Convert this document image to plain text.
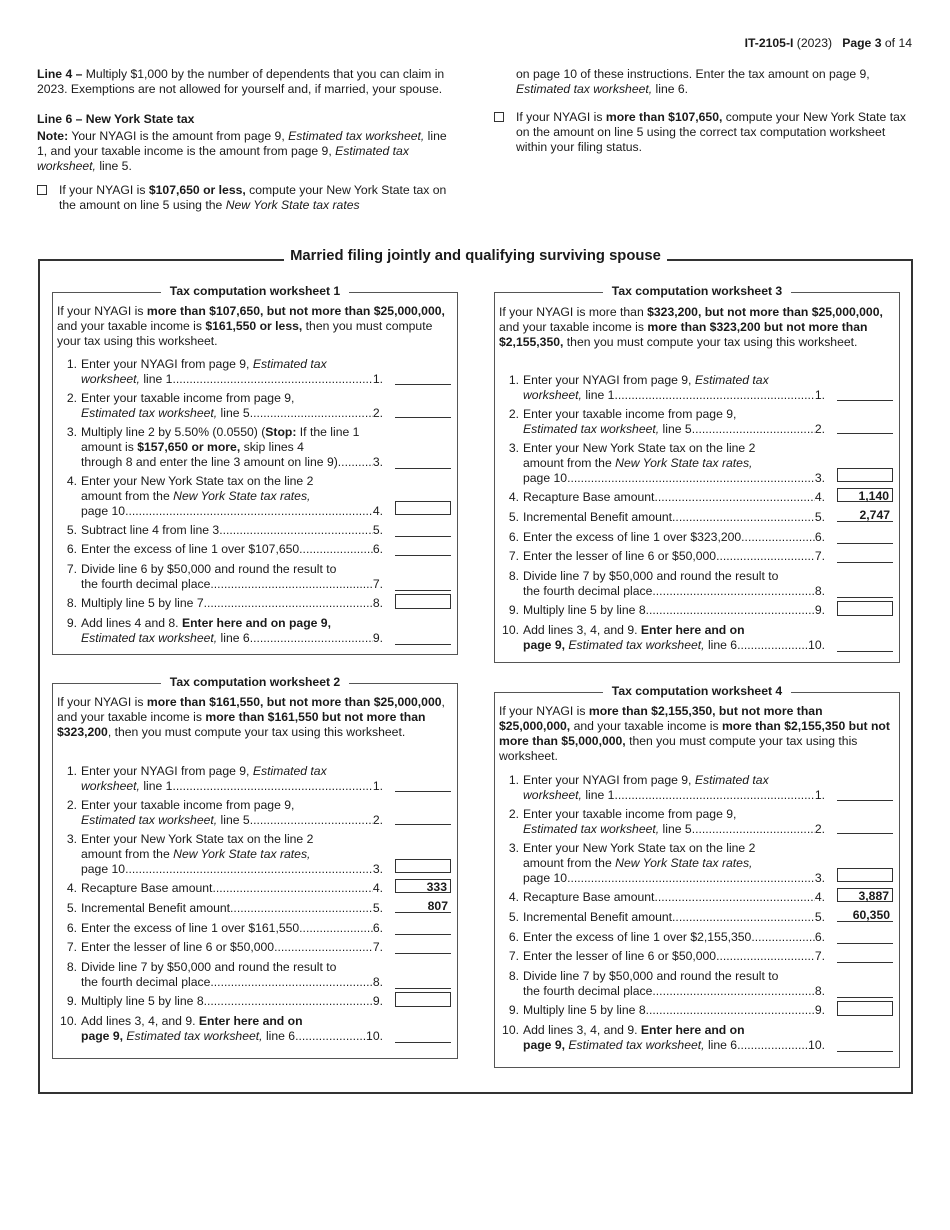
IT-2105-I (2023) Page 3 of 14

Line 4 – Multiply $1,000 by the number of dependents that you can claim in 2023. Exemptions are not allowed for yourself and, if married, your spouse.

Line 6 – New York State tax

Note: Your NYAGI is the amount from page 9, Estimated tax worksheet, line 1, and your taxable income is the amount from page 9, Estimated tax worksheet, line 5.

If your NYAGI is $107,650 or less, compute your New York State tax on the amount on line 5 using the New York State tax rates

on page 10 of these instructions. Enter the tax amount on page 9, Estimated tax worksheet, line 6.

If your NYAGI is more than $107,650, compute your New York State tax on the amount on line 5 using the correct tax computation worksheet within your filing status.
Married filing jointly and qualifying surviving spouse
Tax computation worksheet 1
If your NYAGI is more than $107,650, but not more than $25,000,000, and your taxable income is $161,550 or less, then you must compute your tax using this worksheet.
1. Enter your NYAGI from page 9, Estimated tax
worksheet, line 1 .....	1.
2. Enter your taxable income from page 9,
Estimated tax worksheet, line 5 .....	2.
3. Multiply line 2 by 5.50% (0.0550) (Stop: If the line 1 amount is $157,650 or more, skip lines 4
through 8 and enter the line 3 amount on line 9) .....	3.
4. Enter your New York State tax on the line 2
amount from the New York State tax rates,
page 10 .....	4.
5. Subtract line 4 from line 3 .....	5.
6. Enter the excess of line 1 over $107,650 .....	6.
7. Divide line 6 by $50,000 and round the result to
the fourth decimal place .....	7.
8. Multiply line 5 by line 7 .....	8.
9. Add lines 4 and 8. Enter here and on page 9,
Estimated tax worksheet, line 6 .....	9.
Tax computation worksheet 2
If your NYAGI is more than $161,550, but not more than $25,000,000, and your taxable income is more than $161,550 but not more than $323,200, then you must compute your tax using this worksheet.
1. Enter your NYAGI from page 9, Estimated tax
worksheet, line 1 .....	1.
2. Enter your taxable income from page 9,
Estimated tax worksheet, line 5 .....	2.
3. Enter your New York State tax on the line 2
amount from the New York State tax rates,
page 10 .....	3.
4. Recapture Base amount .....	4.	333
5. Incremental Benefit amount .....	5.	807
6. Enter the excess of line 1 over $161,550 .....	6.
7. Enter the lesser of line 6 or $50,000 .....	7.
8. Divide line 7 by $50,000 and round the result to
the fourth decimal place .....	8.
9. Multiply line 5 by line 8 .....	9.
10. Add lines 3, 4, and 9. Enter here and on
page 9, Estimated tax worksheet, line 6 .....	10.
Tax computation worksheet 3
If your NYAGI is more than $323,200, but not more than $25,000,000, and your taxable income is more than $323,200 but not more than $2,155,350, then you must compute your tax using this worksheet.
1. Enter your NYAGI from page 9, Estimated tax
worksheet, line 1 .....	1.
2. Enter your taxable income from page 9,
Estimated tax worksheet, line 5 .....	2.
3. Enter your New York State tax on the line 2
amount from the New York State tax rates,
page 10 .....	3.
4. Recapture Base amount .....	4.	1,140
5. Incremental Benefit amount .....	5.	2,747
6. Enter the excess of line 1 over $323,200 .....	6.
7. Enter the lesser of line 6 or $50,000 .....	7.
8. Divide line 7 by $50,000 and round the result to
the fourth decimal place .....	8.
9. Multiply line 5 by line 8 .....	9.
10. Add lines 3, 4, and 9. Enter here and on
page 9, Estimated tax worksheet, line 6 .....	10.
Tax computation worksheet 4
If your NYAGI is more than $2,155,350, but not more than $25,000,000, and your taxable income is more than $2,155,350 but not more than $5,000,000, then you must compute your tax using this worksheet.
1. Enter your NYAGI from page 9, Estimated tax
worksheet, line 1 .....	1.
2. Enter your taxable income from page 9,
Estimated tax worksheet, line 5 .....	2.
3. Enter your New York State tax on the line 2
amount from the New York State tax rates,
page 10 .....	3.
4. Recapture Base amount .....	4.	3,887
5. Incremental Benefit amount .....	5.	60,350
6. Enter the excess of line 1 over $2,155,350 .....	6.
7. Enter the lesser of line 6 or $50,000 .....	7.
8. Divide line 7 by $50,000 and round the result to
the fourth decimal place .....	8.
9. Multiply line 5 by line 8 .....	9.
10. Add lines 3, 4, and 9. Enter here and on
page 9, Estimated tax worksheet, line 6 .....	10.
